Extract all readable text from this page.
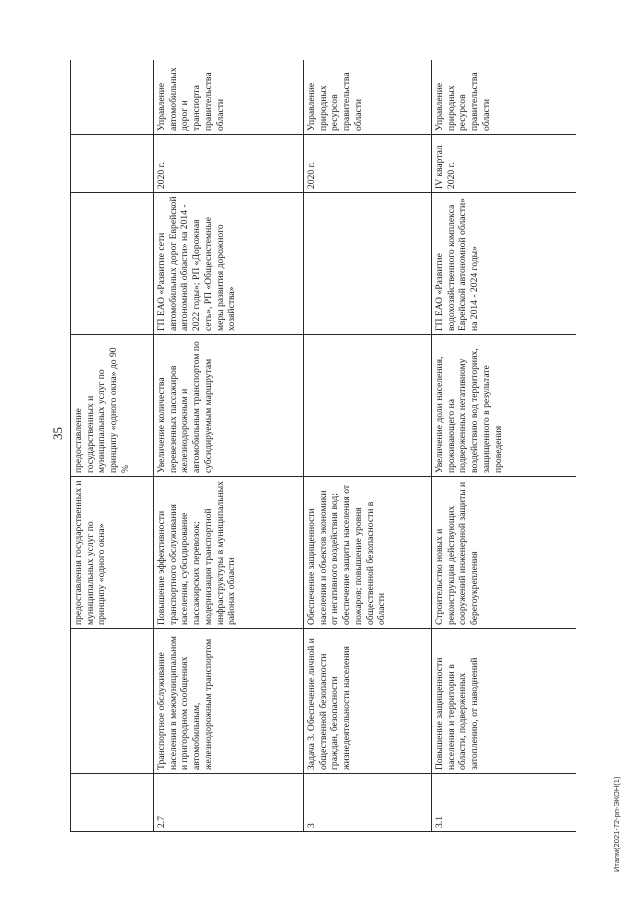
35
		предоставления государственных и муниципальных услуг по принципу «одного окна»	предоставление государственных и муниципальных услуг по принципу «одного окна» до 90 %			
2.7	Транспортное обслуживание населения в межмуниципальном и пригородном сообщениях автомобильным, железнодорожным транспортом	Повышение эффективности транспортного обслуживания населения, субсидирование пассажирских перевозок; модернизация транспортной инфраструктуры в муниципальных районах области	Увеличение количества перевезенных пассажиров железнодорожным и автомобильным транспортом по субсидируемым маршрутам	ГП ЕАО «Развитие сети автомобильных дорог Еврейской автономной области» на 2014 - 2022 годы»; РП «Дорожная сеть», РП «Общесистемные меры развития дорожного хозяйства»	2020 г.	Управление автомобильных дорог и транспорта правительства области
3	Задача 3. Обеспечение личной и общественной безопасности граждан, безопасности жизнедеятельности населения	Обеспечение защищенности населения и объектов экономики от негативного воздействия вод; обеспечение защиты населения от пожаров; повышение уровня общественной безопасности в области			2020 г.	Управление природных ресурсов правительства области
3.1	Повышение защищенности населения и территории в области, подверженных затоплению, от наводнений	Строительство новых и реконструкция действующих сооружений инженерной защиты и берегоукрепления	Увеличение доли населения, проживающего на подверженных негативному воздействию вод территориях, защищенного в результате проведения	ГП ЕАО «Развитие водохозяйственного комплекса Еврейской автономной области» на 2014 - 2024 годы»	IV квартал 2020 г.	Управление природных ресурсов правительства области
Итапм(2021-72-рп-ЭКОН(1)
